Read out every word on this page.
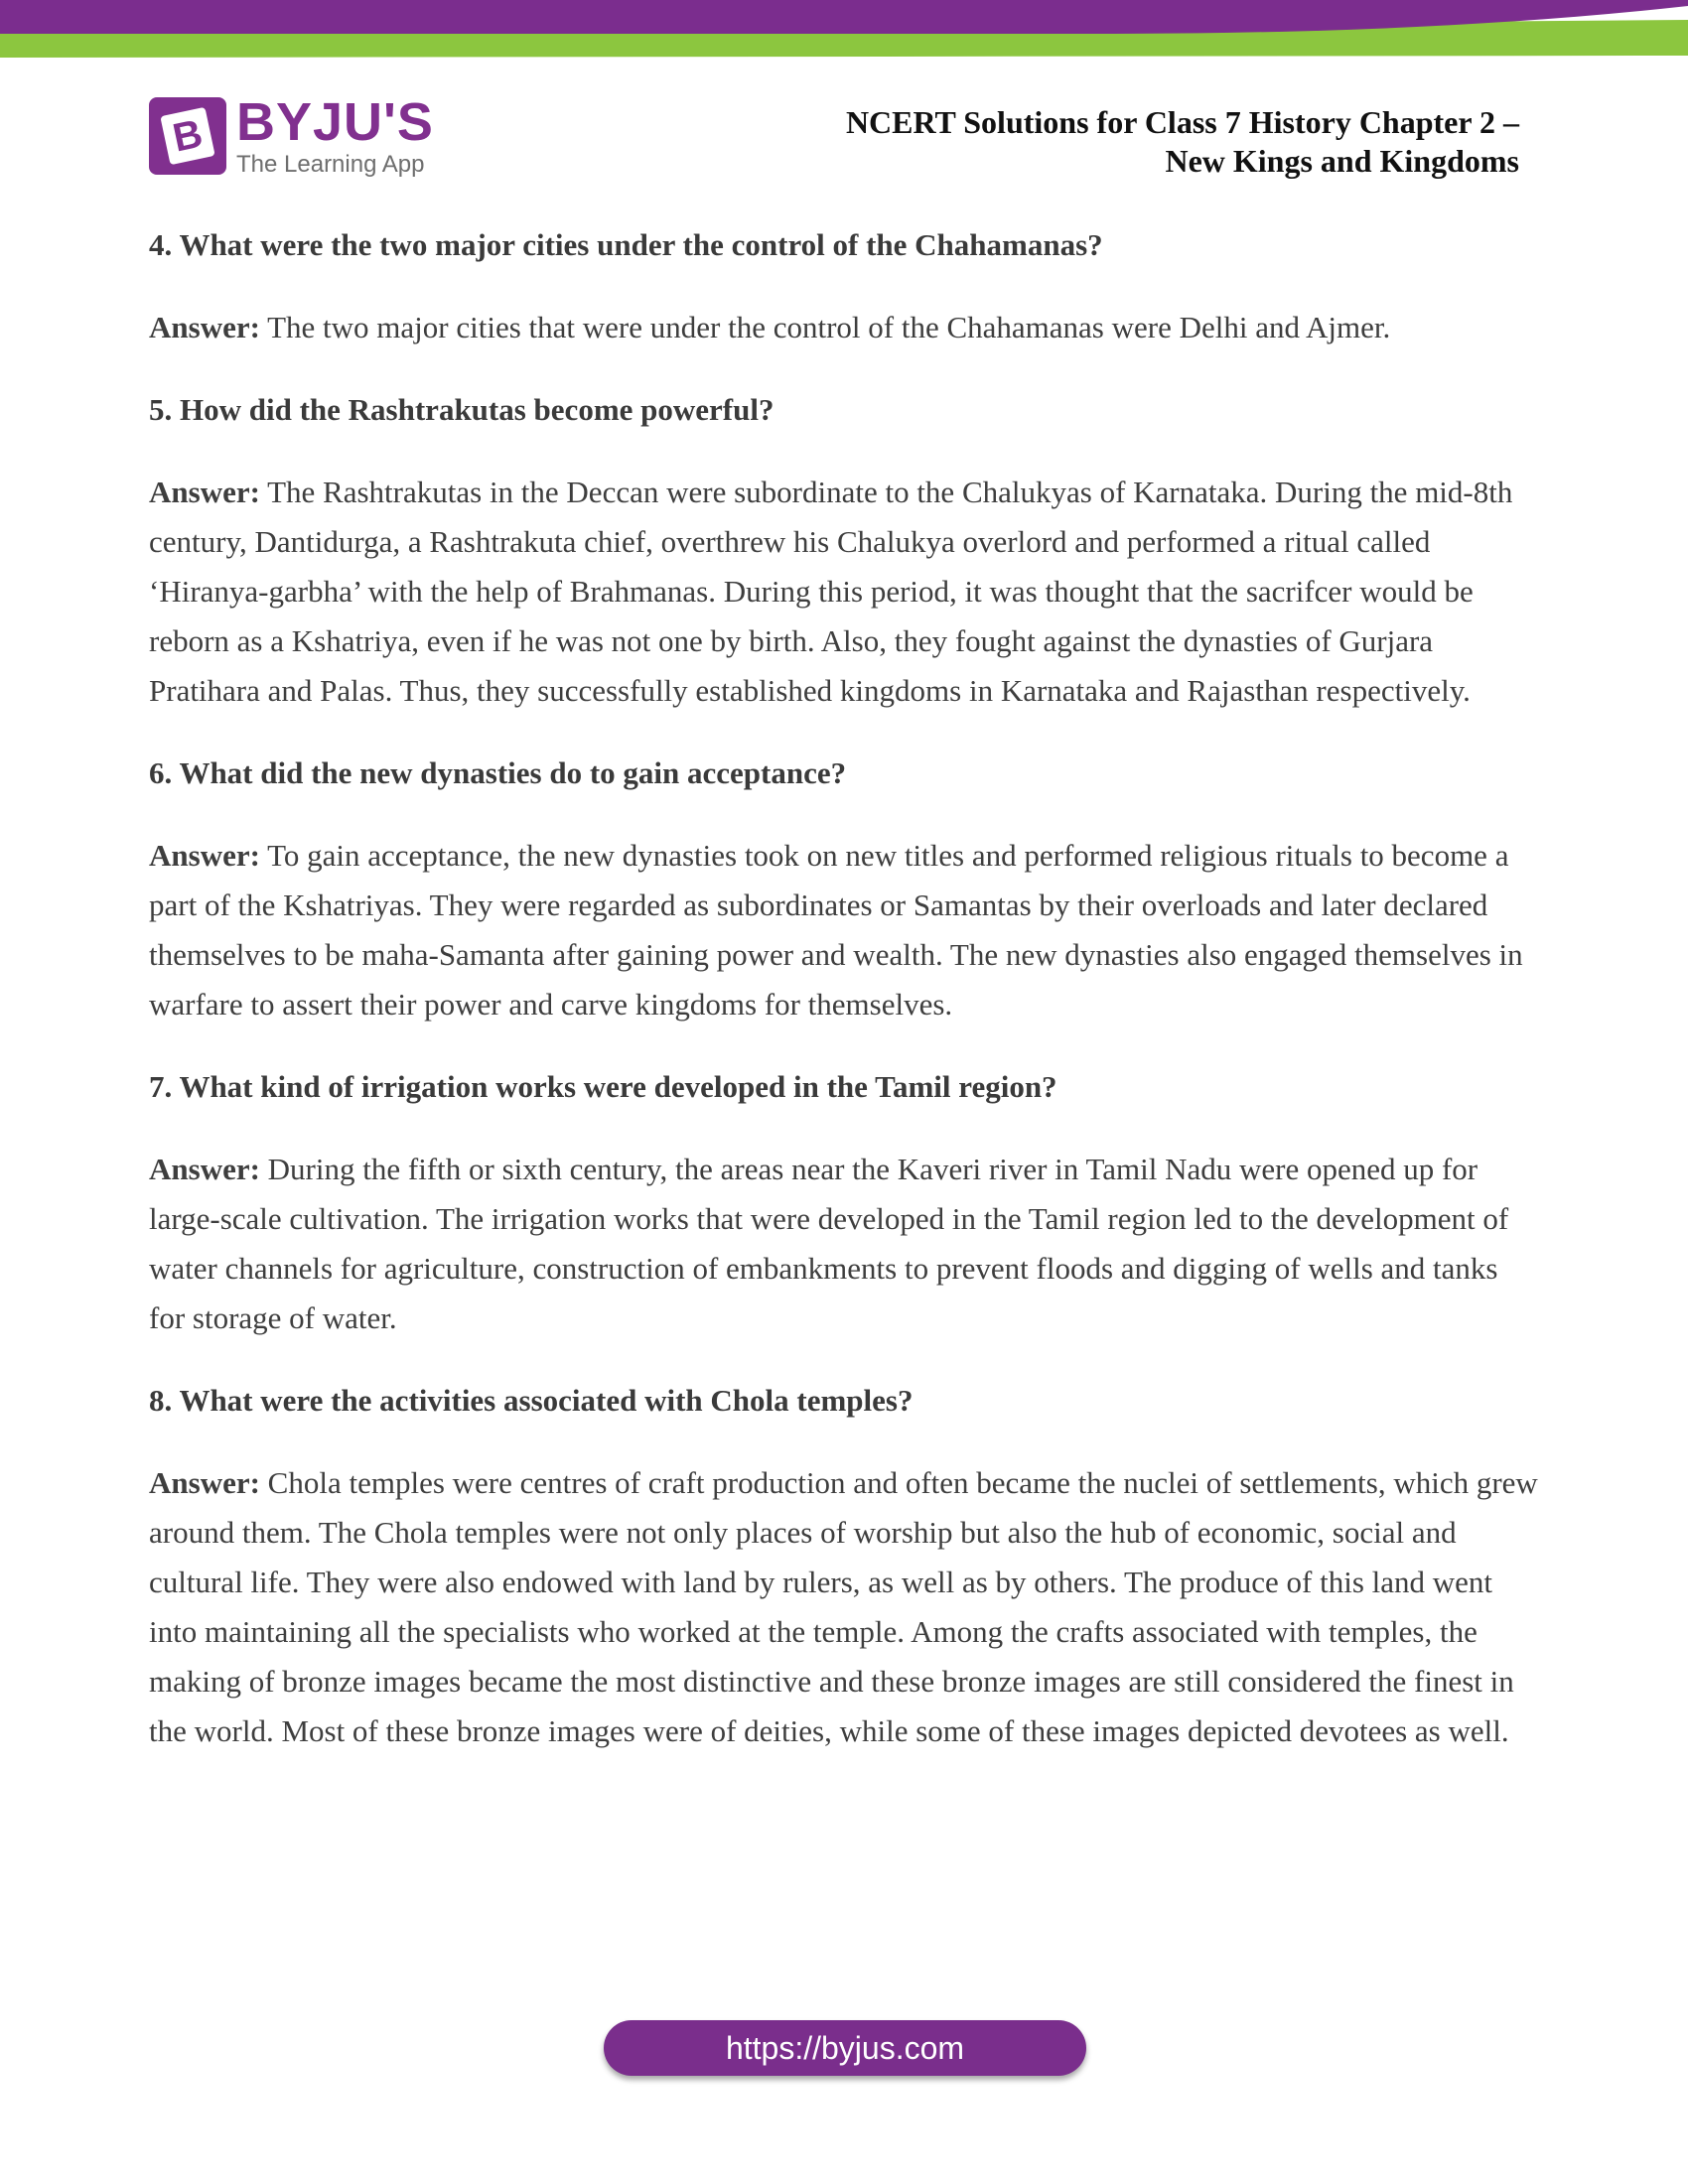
B BYJU'S
The Learning App
NCERT Solutions for Class 7 History Chapter 2 –
New Kings and Kingdoms
4. What were the two major cities under the control of the Chahamanas?
Answer: The two major cities that were under the control of the Chahamanas were Delhi and Ajmer.
5. How did the Rashtrakutas become powerful?
Answer: The Rashtrakutas in the Deccan were subordinate to the Chalukyas of Karnataka. During the mid-8th century, Dantidurga, a Rashtrakuta chief, overthrew his Chalukya overlord and performed a ritual called ‘Hiranya-garbha’ with the help of Brahmanas. During this period, it was thought that the sacrifcer would be reborn as a Kshatriya, even if he was not one by birth. Also, they fought against the dynasties of Gurjara Pratihara and Palas. Thus, they successfully established kingdoms in Karnataka and Rajasthan respectively.
6. What did the new dynasties do to gain acceptance?
Answer: To gain acceptance, the new dynasties took on new titles and performed religious rituals to become a part of the Kshatriyas. They were regarded as subordinates or Samantas by their overloads and later declared themselves to be maha-Samanta after gaining power and wealth. The new dynasties also engaged themselves in warfare to assert their power and carve kingdoms for themselves.
7. What kind of irrigation works were developed in the Tamil region?
Answer: During the fifth or sixth century, the areas near the Kaveri river in Tamil Nadu were opened up for large-scale cultivation. The irrigation works that were developed in the Tamil region led to the development of water channels for agriculture, construction of embankments to prevent floods and digging of wells and tanks for storage of water.
8. What were the activities associated with Chola temples?
Answer: Chola temples were centres of craft production and often became the nuclei of settlements, which grew around them. The Chola temples were not only places of worship but also the hub of economic, social and cultural life. They were also endowed with land by rulers, as well as by others. The produce of this land went into maintaining all the specialists who worked at the temple. Among the crafts associated with temples, the making of bronze images became the most distinctive and these bronze images are still considered the finest in the world. Most of these bronze images were of deities, while some of these images depicted devotees as well.
https://byjus.com
